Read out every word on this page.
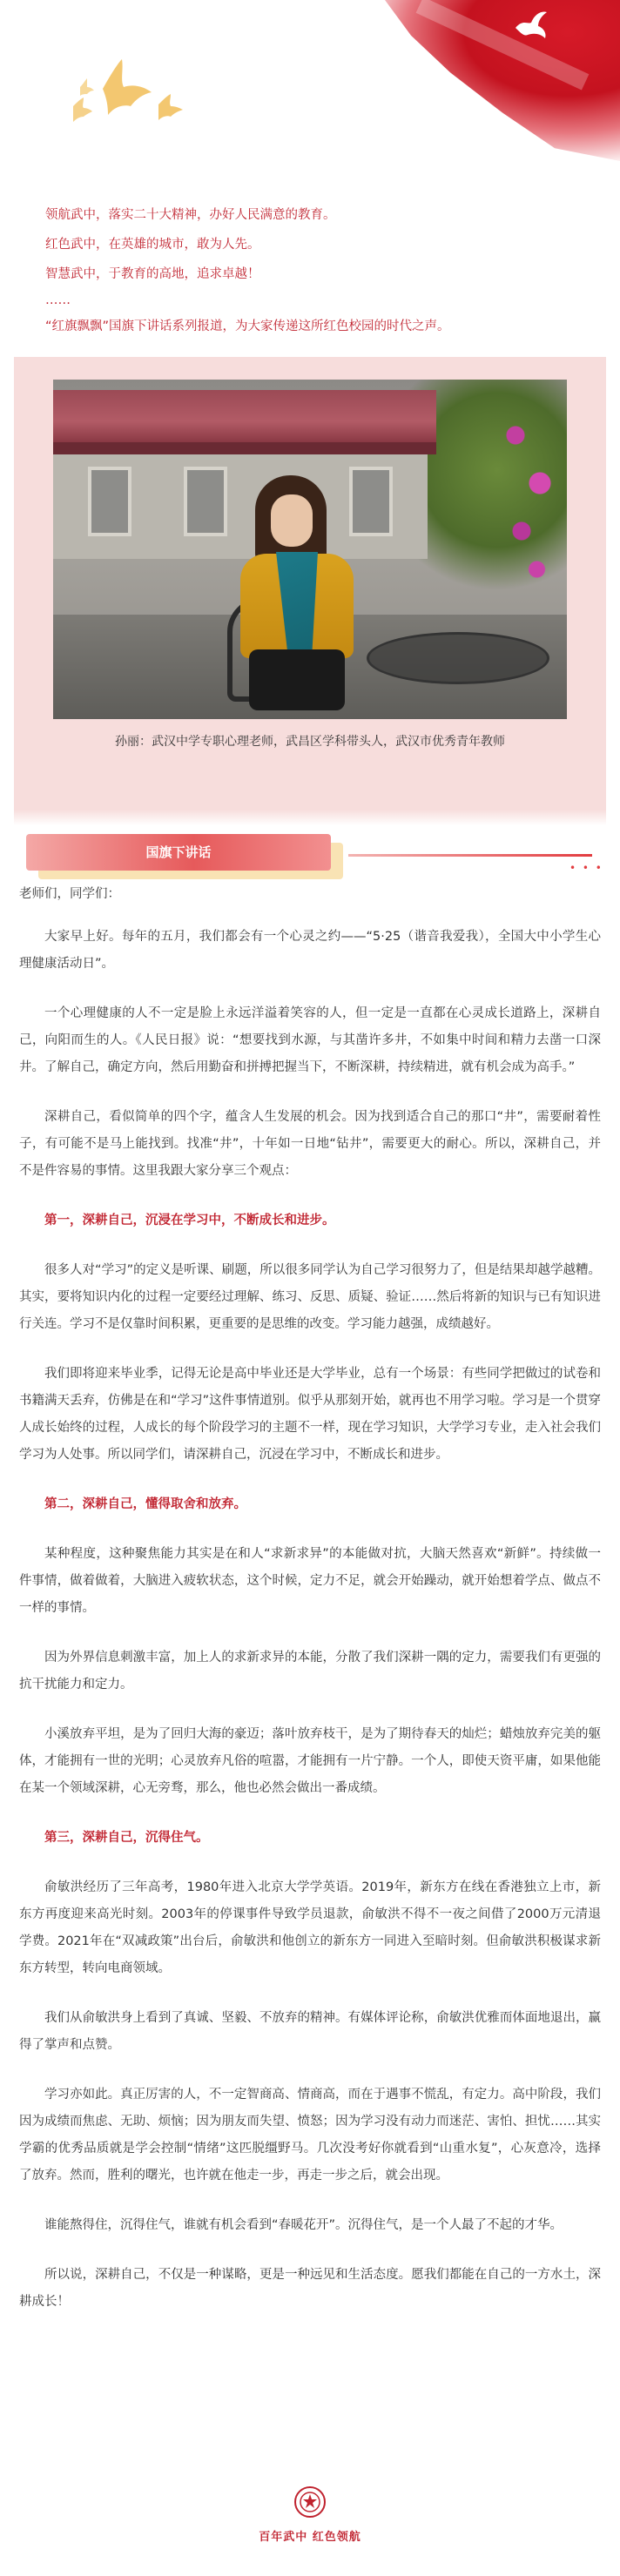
领航武中，落实二十大精神，办好人民满意的教育。

红色武中，在英雄的城市，敢为人先。

智慧武中，于教育的高地，追求卓越！

……

“红旗飘飘”国旗下讲话系列报道，为大家传递这所红色校园的时代之声。

孙丽：武汉中学专职心理老师，武昌区学科带头人，武汉市优秀青年教师

国旗下讲话
• • •

老师们，同学们：

大家早上好。每年的五月，我们都会有一个心灵之约——“5·25（谐音我爱我），全国大中小学生心理健康活动日”。

一个心理健康的人不一定是脸上永远洋溢着笑容的人，但一定是一直都在心灵成长道路上，深耕自己，向阳而生的人。《人民日报》说：“想要找到水源，与其凿许多井，不如集中时间和精力去凿一口深井。了解自己，确定方向，然后用勤奋和拼搏把握当下，不断深耕，持续精进，就有机会成为高手。”

深耕自己，看似简单的四个字，蕴含人生发展的机会。因为找到适合自己的那口“井”，需要耐着性子，有可能不是马上能找到。找准“井”，十年如一日地“钻井”，需要更大的耐心。所以，深耕自己，并不是件容易的事情。这里我跟大家分享三个观点：

第一，深耕自己，沉浸在学习中，不断成长和进步。

很多人对“学习”的定义是听课、刷题，所以很多同学认为自己学习很努力了，但是结果却越学越糟。其实，要将知识内化的过程一定要经过理解、练习、反思、质疑、验证……然后将新的知识与已有知识进行关连。学习不是仅靠时间积累，更重要的是思维的改变。学习能力越强，成绩越好。

我们即将迎来毕业季，记得无论是高中毕业还是大学毕业，总有一个场景：有些同学把做过的试卷和书籍满天丢弃，仿佛是在和“学习”这件事情道别。似乎从那刻开始，就再也不用学习啦。学习是一个贯穿人成长始终的过程，人成长的每个阶段学习的主题不一样，现在学习知识，大学学习专业，走入社会我们学习为人处事。所以同学们，请深耕自己，沉浸在学习中，不断成长和进步。

第二，深耕自己，懂得取舍和放弃。

某种程度，这种聚焦能力其实是在和人“求新求异”的本能做对抗，大脑天然喜欢“新鲜”。持续做一件事情，做着做着，大脑进入疲软状态，这个时候，定力不足，就会开始躁动，就开始想着学点、做点不一样的事情。

因为外界信息刺激丰富，加上人的求新求异的本能，分散了我们深耕一隅的定力，需要我们有更强的抗干扰能力和定力。

小溪放弃平坦，是为了回归大海的豪迈；落叶放弃枝干，是为了期待春天的灿烂；蜡烛放弃完美的躯体，才能拥有一世的光明；心灵放弃凡俗的喧嚣，才能拥有一片宁静。一个人，即使天资平庸，如果他能在某一个领域深耕，心无旁骛，那么，他也必然会做出一番成绩。

第三，深耕自己，沉得住气。

俞敏洪经历了三年高考，1980年进入北京大学学英语。2019年，新东方在线在香港独立上市，新东方再度迎来高光时刻。2003年的停课事件导致学员退款，俞敏洪不得不一夜之间借了2000万元清退学费。2021年在“双减政策”出台后，俞敏洪和他创立的新东方一同进入至暗时刻。但俞敏洪积极谋求新东方转型，转向电商领域。

我们从俞敏洪身上看到了真诚、坚毅、不放弃的精神。有媒体评论称，俞敏洪优雅而体面地退出，赢得了掌声和点赞。

学习亦如此。真正厉害的人，不一定智商高、情商高，而在于遇事不慌乱，有定力。高中阶段，我们因为成绩而焦虑、无助、烦恼；因为朋友而失望、愤怒；因为学习没有动力而迷茫、害怕、担忧……其实学霸的优秀品质就是学会控制“情绪”这匹脱缰野马。几次没考好你就看到“山重水复”，心灰意冷，选择了放弃。然而，胜利的曙光，也许就在他走一步，再走一步之后，就会出现。

谁能熬得住，沉得住气，谁就有机会看到“春暖花开”。沉得住气，是一个人最了不起的才华。

所以说，深耕自己，不仅是一种谋略，更是一种远见和生活态度。愿我们都能在自己的一方水土，深耕成长！

百年武中 红色领航
